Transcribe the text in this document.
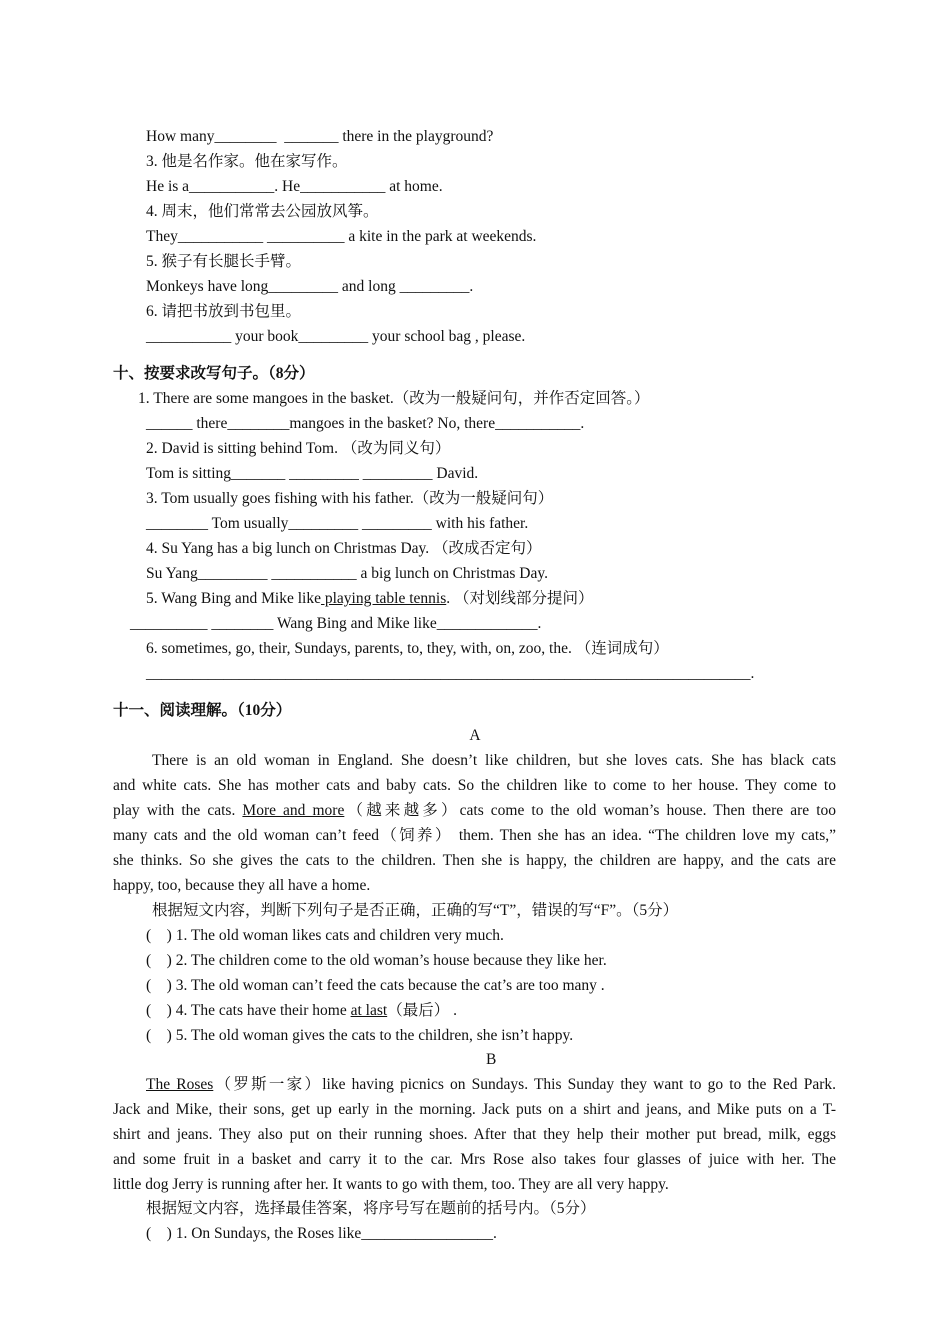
How many________  _______ there in the playground?
3. 他是名作家。他在家写作。
He is a___________. He___________ at home.
4. 周末，他们常常去公园放风筝。
They___________ __________ a kite in the park at weekends.
5. 猴子有长腿长手臂。
Monkeys have long_________ and long _________.
6. 请把书放到书包里。
___________ your book_________ your school bag , please.
十、按要求改写句子。（8分）
1. There are some mangoes in the basket.（改为一般疑问句，并作否定回答。）
______ there________mangoes in the basket? No, there___________.
2. David is sitting behind Tom. （改为同义句）
Tom is sitting_______ _________ _________ David.
3. Tom usually goes fishing with his father.（改为一般疑问句）
________ Tom usually_________ _________ with his father.
4. Su Yang has a big lunch on Christmas Day. （改成否定句）
Su Yang_________ ___________ a big lunch on Christmas Day.
5. Wang Bing and Mike like playing table tennis. （对划线部分提问）
__________ ________ Wang Bing and Mike like_____________.
6. sometimes, go, their, Sundays, parents, to, they, with, on, zoo, the. （连词成句）
______________________________________________________________________________.
十一、阅读理解。（10分）
A
There is an old woman in England. She doesn’t like children, but she loves cats. She has black cats
and white cats. She has mother cats and baby cats. So the children like to come to her house. They come to
play with the cats. More and more（越来越多）cats come to the old woman’s house. Then there are too
many cats and the old woman can’t feed（饲养） them. Then she has an idea. “The children love my cats,”
she thinks. So she gives the cats to the children. Then she is happy, the children are happy, and the cats are
happy, too, because they all have a home.
根据短文内容，判断下列句子是否正确，正确的写“T”，错误的写“F”。（5分）
(    ) 1. The old woman likes cats and children very much.
(    ) 2. The children come to the old woman’s house because they like her.
(    ) 3. The old woman can’t feed the cats because the cat’s are too many .
(    ) 4. The cats have their home at last（最后） .
(    ) 5. The old woman gives the cats to the children, she isn’t happy.
B
The Roses（罗斯一家）like having picnics on Sundays. This Sunday they want to go to the Red Park.
Jack and Mike, their sons, get up early in the morning. Jack puts on a shirt and jeans, and Mike puts on a T-
shirt and jeans. They also put on their running shoes. After that they help their mother put bread, milk, eggs
and some fruit in a basket and carry it to the car. Mrs Rose also takes four glasses of juice with her. The
little dog Jerry is running after her. It wants to go with them, too. They are all very happy.
根据短文内容，选择最佳答案，将序号写在题前的括号内。（5分）
(    ) 1. On Sundays, the Roses like_________________.
